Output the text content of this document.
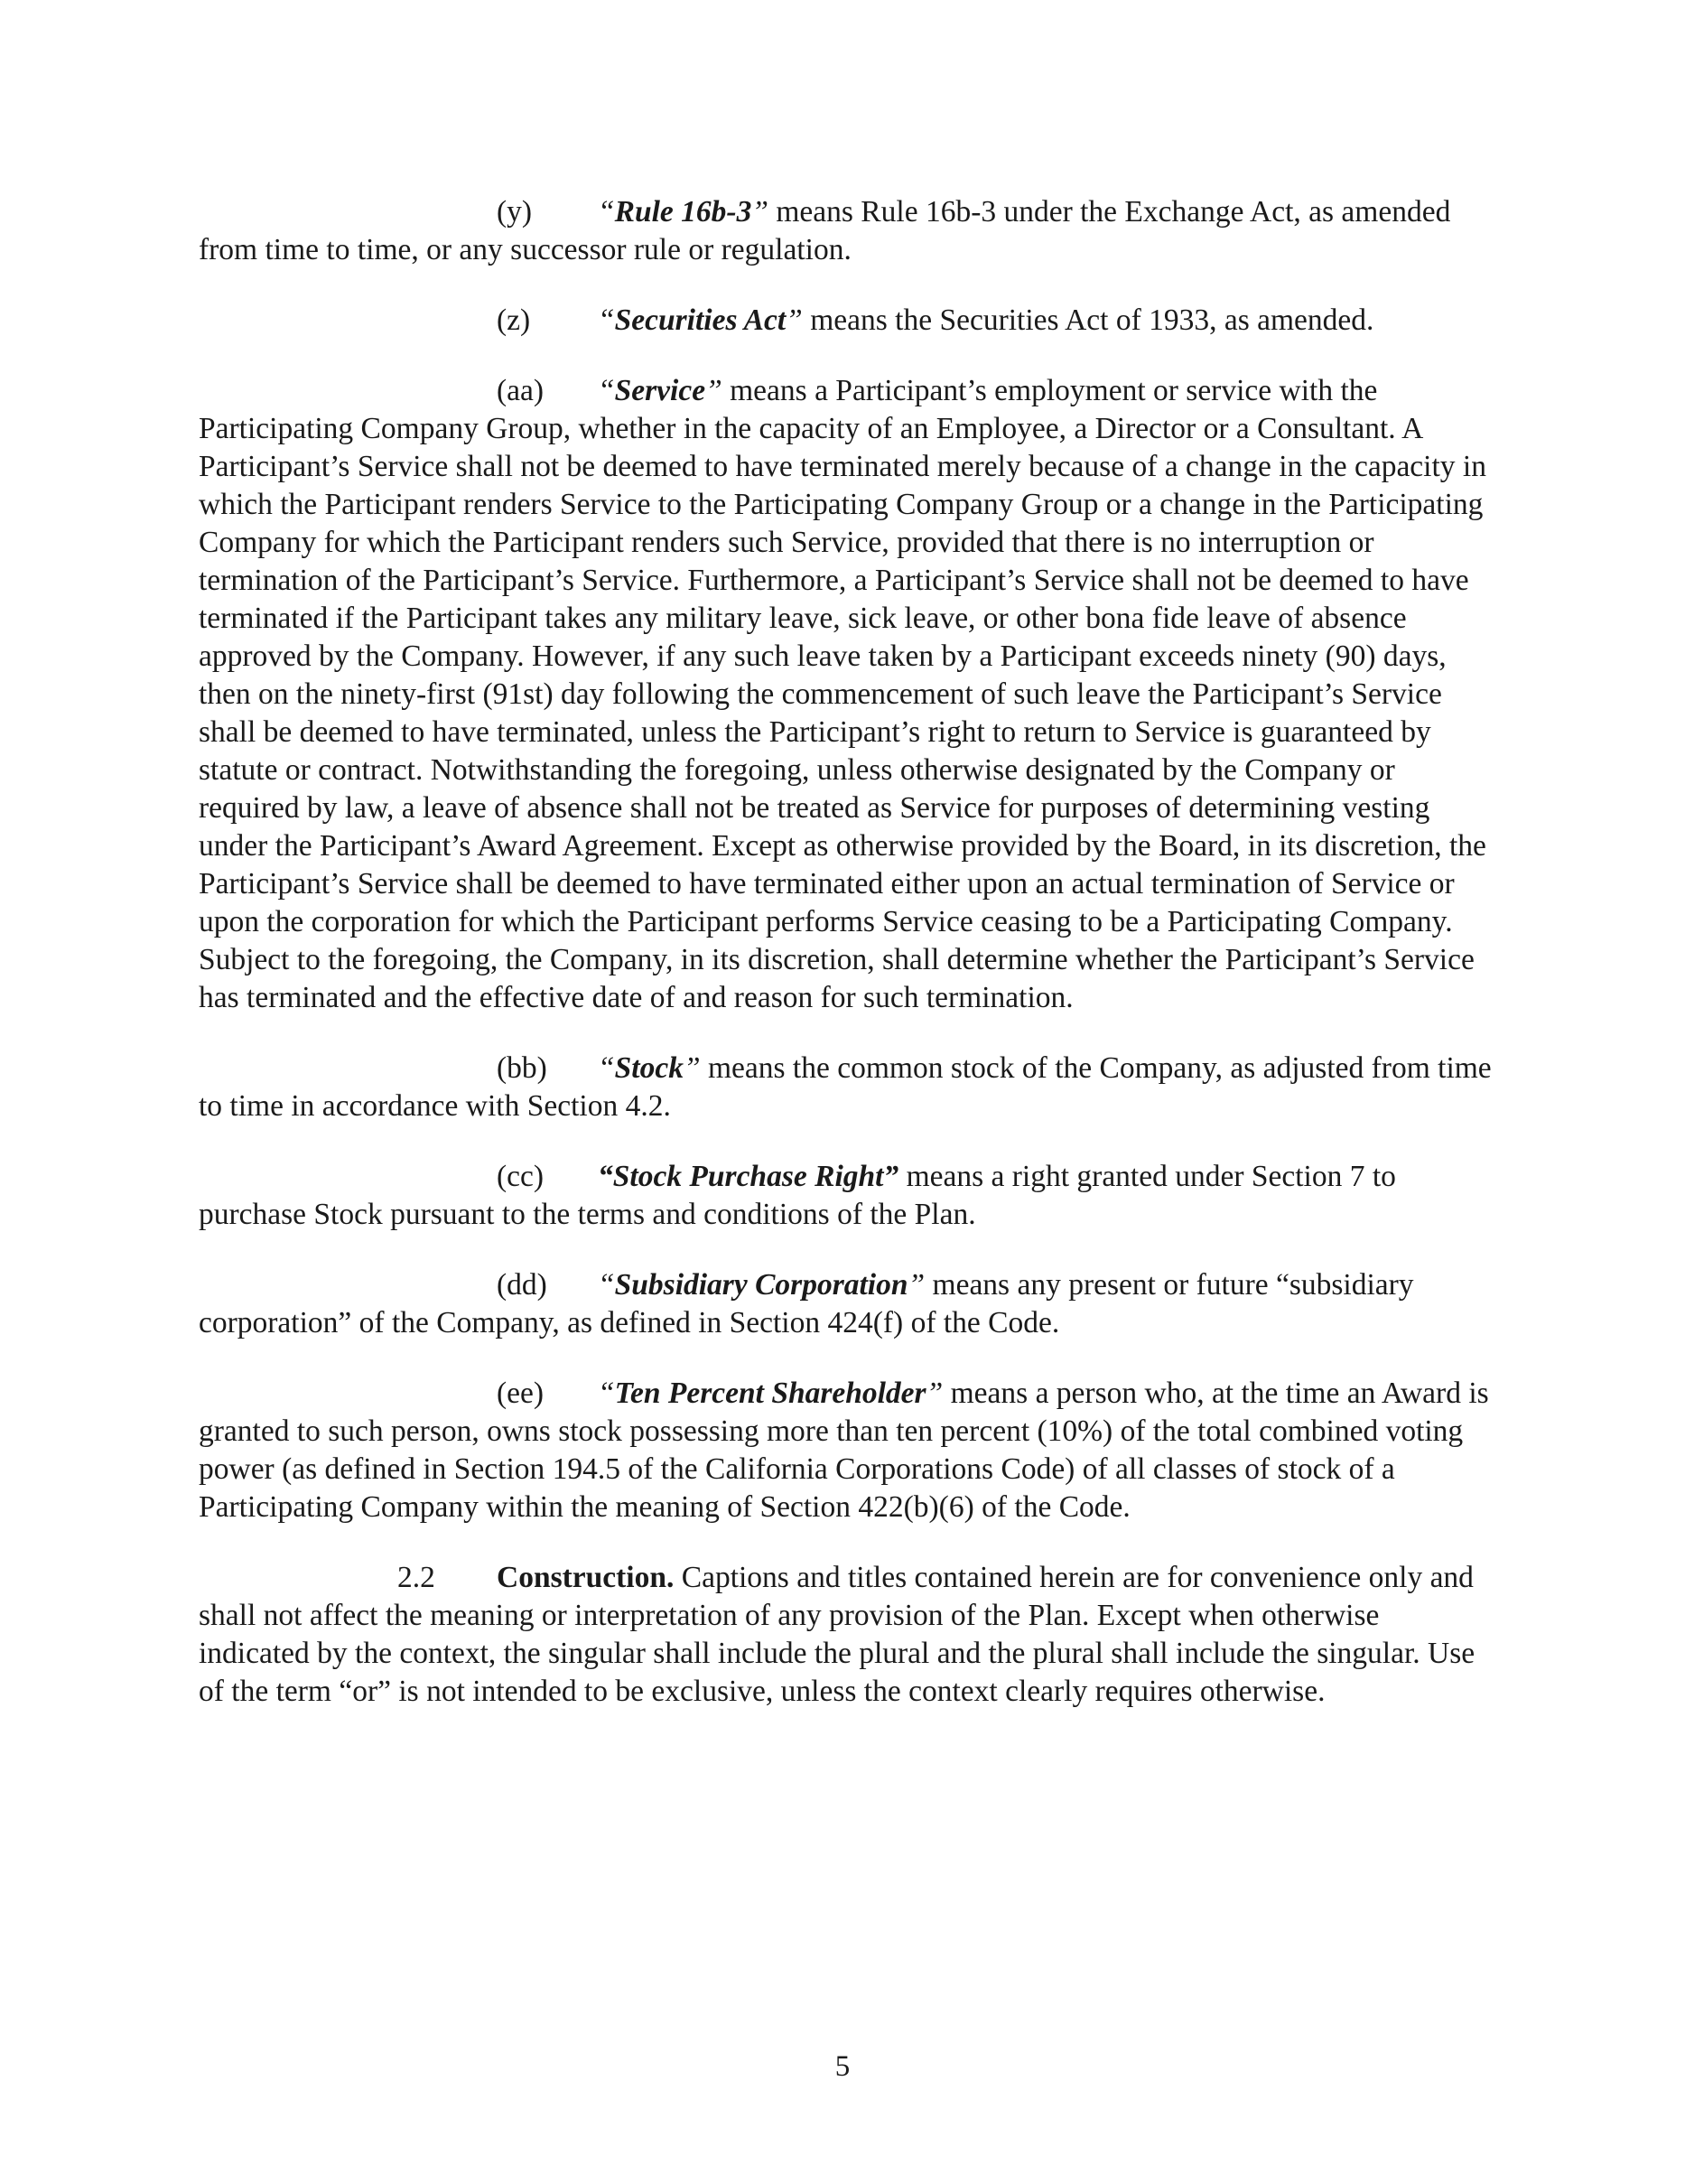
(y) “Rule 16b-3” means Rule 16b-3 under the Exchange Act, as amended from time to time, or any successor rule or regulation.

(z) “Securities Act” means the Securities Act of 1933, as amended.

(aa) “Service” means a Participant’s employment or service with the Participating Company Group, whether in the capacity of an Employee, a Director or a Consultant. A Participant’s Service shall not be deemed to have terminated merely because of a change in the capacity in which the Participant renders Service to the Participating Company Group or a change in the Participating Company for which the Participant renders such Service, provided that there is no interruption or termination of the Participant’s Service. Furthermore, a Participant’s Service shall not be deemed to have terminated if the Participant takes any military leave, sick leave, or other bona fide leave of absence approved by the Company. However, if any such leave taken by a Participant exceeds ninety (90) days, then on the ninety-first (91st) day following the commencement of such leave the Participant’s Service shall be deemed to have terminated, unless the Participant’s right to return to Service is guaranteed by statute or contract. Notwithstanding the foregoing, unless otherwise designated by the Company or required by law, a leave of absence shall not be treated as Service for purposes of determining vesting under the Participant’s Award Agreement. Except as otherwise provided by the Board, in its discretion, the Participant’s Service shall be deemed to have terminated either upon an actual termination of Service or upon the corporation for which the Participant performs Service ceasing to be a Participating Company. Subject to the foregoing, the Company, in its discretion, shall determine whether the Participant’s Service has terminated and the effective date of and reason for such termination.

(bb) “Stock” means the common stock of the Company, as adjusted from time to time in accordance with Section 4.2.

(cc) “Stock Purchase Right” means a right granted under Section 7 to purchase Stock pursuant to the terms and conditions of the Plan.

(dd) “Subsidiary Corporation” means any present or future “subsidiary corporation” of the Company, as defined in Section 424(f) of the Code.

(ee) “Ten Percent Shareholder” means a person who, at the time an Award is granted to such person, owns stock possessing more than ten percent (10%) of the total combined voting power (as defined in Section 194.5 of the California Corporations Code) of all classes of stock of a Participating Company within the meaning of Section 422(b)(6) of the Code.

2.2 Construction. Captions and titles contained herein are for convenience only and shall not affect the meaning or interpretation of any provision of the Plan. Except when otherwise indicated by the context, the singular shall include the plural and the plural shall include the singular. Use of the term “or” is not intended to be exclusive, unless the context clearly requires otherwise.

5
